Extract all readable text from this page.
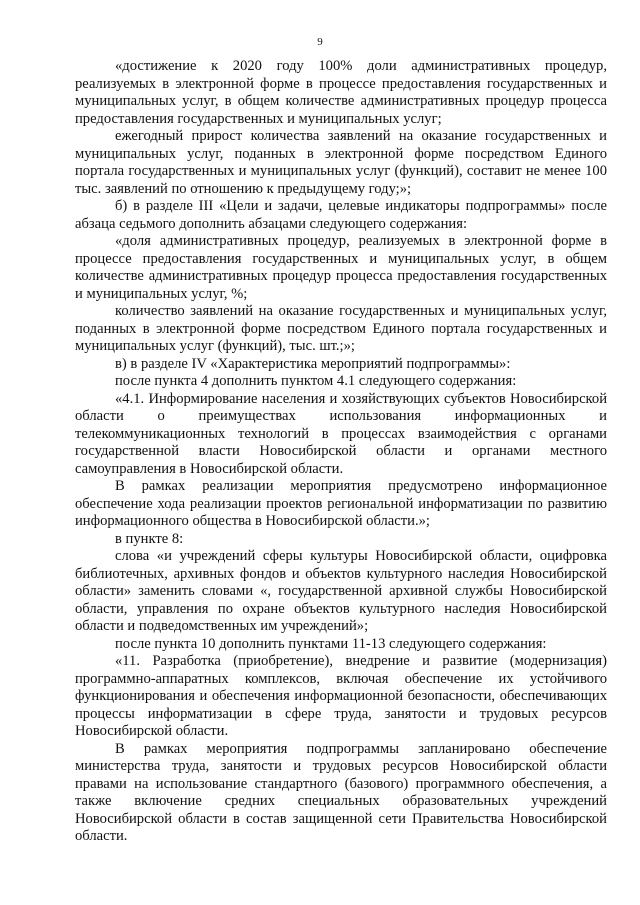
9

«достижение к 2020 году 100% доли административных процедур, реализуемых в электронной форме в процессе предоставления государственных и муниципальных услуг, в общем количестве административных процедур процесса предоставления государственных и муниципальных услуг;

ежегодный прирост количества заявлений на оказание государственных и муниципальных услуг, поданных в электронной форме посредством Единого портала государственных и муниципальных услуг (функций), составит не менее 100 тыс. заявлений по отношению к предыдущему году;»;

б) в разделе III «Цели и задачи, целевые индикаторы подпрограммы» после абзаца седьмого дополнить абзацами следующего содержания:

«доля административных процедур, реализуемых в электронной форме в процессе предоставления государственных и муниципальных услуг, в общем количестве административных процедур процесса предоставления государственных и муниципальных услуг, %;

количество заявлений на оказание государственных и муниципальных услуг, поданных в электронной форме посредством Единого портала государственных и муниципальных услуг (функций), тыс. шт.;»;

в) в разделе IV «Характеристика мероприятий подпрограммы»:

после пункта 4 дополнить пунктом 4.1 следующего содержания:

«4.1. Информирование населения и хозяйствующих субъектов Новосибирской области о преимуществах использования информационных и телекоммуникационных технологий в процессах взаимодействия с органами государственной власти Новосибирской области и органами местного самоуправления в Новосибирской области.

В рамках реализации мероприятия предусмотрено информационное обеспечение хода реализации проектов региональной информатизации по развитию информационного общества в Новосибирской области.»;

в пункте 8:

слова «и учреждений сферы культуры Новосибирской области, оцифровка библиотечных, архивных фондов и объектов культурного наследия Новосибирской области» заменить словами «, государственной архивной службы Новосибирской области, управления по охране объектов культурного наследия Новосибирской области и подведомственных им учреждений»;

после пункта 10 дополнить пунктами 11-13 следующего содержания:

«11. Разработка (приобретение), внедрение и развитие (модернизация) программно-аппаратных комплексов, включая обеспечение их устойчивого функционирования и обеспечения информационной безопасности, обеспечивающих процессы информатизации в сфере труда, занятости и трудовых ресурсов Новосибирской области.

В рамках мероприятия подпрограммы запланировано обеспечение министерства труда, занятости и трудовых ресурсов Новосибирской области правами на использование стандартного (базового) программного обеспечения, а также включение средних специальных образовательных учреждений Новосибирской области в состав защищенной сети Правительства Новосибирской области.
